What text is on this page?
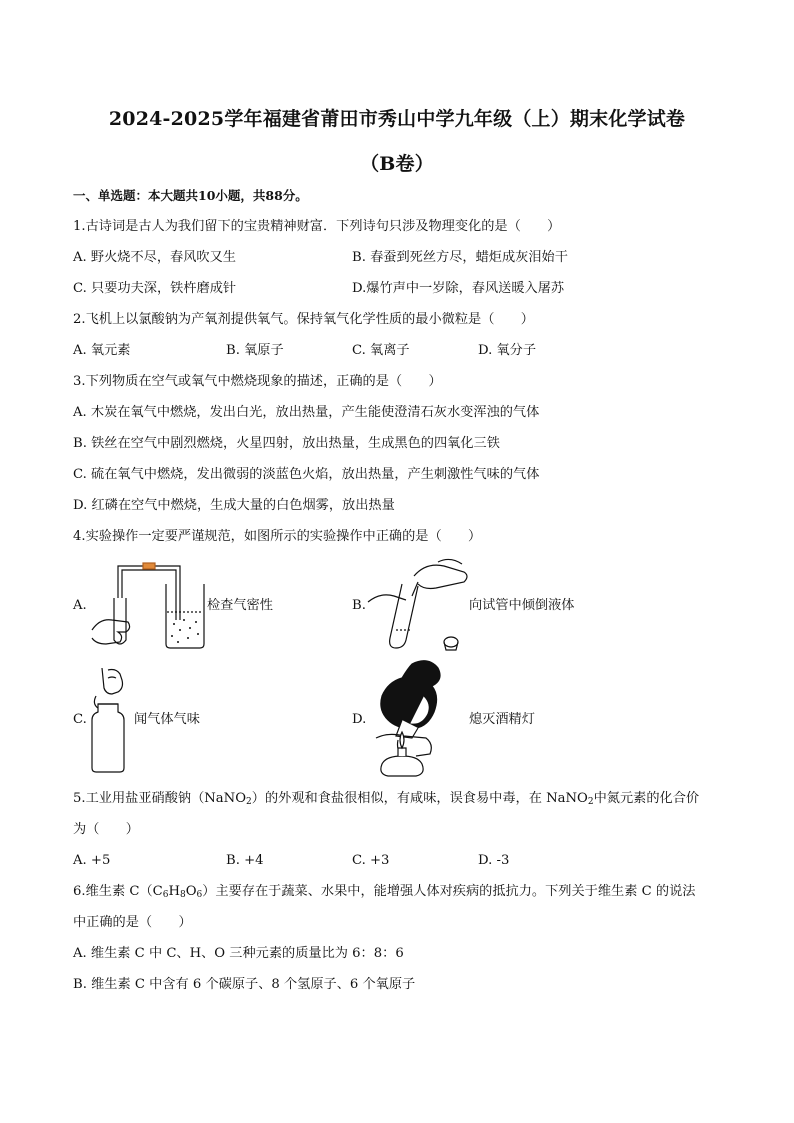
2024-2025学年福建省莆田市秀山中学九年级（上）期末化学试卷
（B卷）
一、单选题：本大题共10小题，共88分。
1.古诗词是古人为我们留下的宝贵精神财富．下列诗句只涉及物理变化的是（　　）
A. 野火烧不尽，春风吹又生	B. 春蚕到死丝方尽，蜡炬成灰泪始干
C. 只要功夫深，铁杵磨成针	D.爆竹声中一岁除，春风送暖入屠苏
2.飞机上以氯酸钠为产氧剂提供氧气。保持氧气化学性质的最小微粒是（　　）
A. 氧元素	B. 氧原子	C. 氧离子	D. 氧分子
3.下列物质在空气或氧气中燃烧现象的描述，正确的是（　　）
A. 木炭在氧气中燃烧，发出白光，放出热量，产生能使澄清石灰水变浑浊的气体
B. 铁丝在空气中剧烈燃烧，火星四射，放出热量，生成黑色的四氧化三铁
C. 硫在氧气中燃烧，发出微弱的淡蓝色火焰，放出热量，产生刺激性气味的气体
D. 红磷在空气中燃烧，生成大量的白色烟雾，放出热量
4.实验操作一定要严谨规范，如图所示的实验操作中正确的是（　　）
A.	检查气密性	B.	向试管中倾倒液体
C.	闻气体气味	D.	熄灭酒精灯
5.工业用盐亚硝酸钠（NaNO$_2$）的外观和食盐很相似，有咸味，误食易中毒，在 NaNO$_2$中氮元素的化合价
为（　　）
A. +5	B. +4	C. +3	D. -3
6.维生素 $C(C_6H_8O_6)$主要存在于蔬菜、水果中，能增强人体对疾病的抵抗力。下列关于维生素 C 的说法
中正确的是（　　）
A. 维生素 C 中 C、H、O 三种元素的质量比为 6：8：6
B. 维生素 C 中含有 6 个碳原子、8 个氢原子、6 个氧原子
